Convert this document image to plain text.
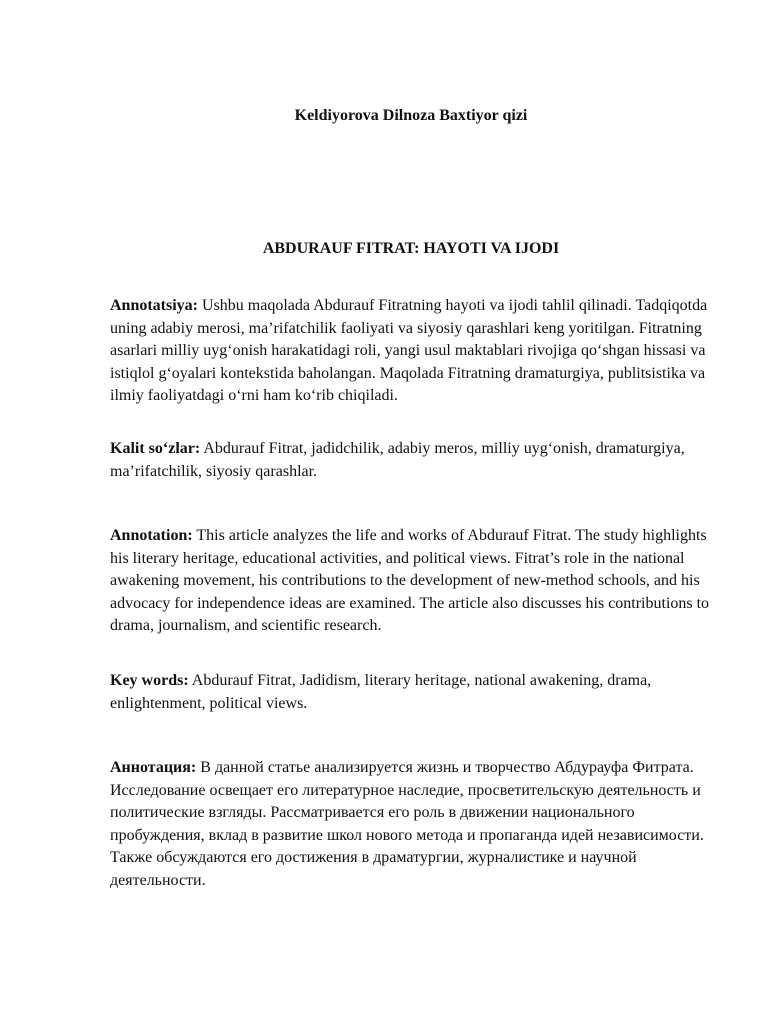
Keldiyorova Dilnoza Baxtiyor qizi
ABDURAUF FITRAT: HAYOTI VA IJODI

Annotatsiya: Ushbu maqolada Abdurauf Fitratning hayoti va ijodi tahlil qilinadi. Tadqiqotda uning adabiy merosi, ma’rifatchilik faoliyati va siyosiy qarashlari keng yoritilgan. Fitratning asarlari milliy uyg‘onish harakatidagi roli, yangi usul maktablari rivojiga qo‘shgan hissasi va istiqlol g‘oyalari kontekstida baholangan. Maqolada Fitratning dramaturgiya, publitsistika va ilmiy faoliyatdagi o‘rni ham ko‘rib chiqiladi.

Kalit so‘zlar: Abdurauf Fitrat, jadidchilik, adabiy meros, milliy uyg‘onish, dramaturgiya, ma’rifatchilik, siyosiy qarashlar.

Annotation: This article analyzes the life and works of Abdurauf Fitrat. The study highlights his literary heritage, educational activities, and political views. Fitrat’s role in the national awakening movement, his contributions to the development of new-method schools, and his advocacy for independence ideas are examined. The article also discusses his contributions to drama, journalism, and scientific research.

Key words: Abdurauf Fitrat, Jadidism, literary heritage, national awakening, drama, enlightenment, political views.

Аннотация: В данной статье анализируется жизнь и творчество Абдурауфа Фитрата. Исследование освещает его литературное наследие, просветительскую деятельность и политические взгляды. Рассматривается его роль в движении национального пробуждения, вклад в развитие школ нового метода и пропаганда идей независимости. Также обсуждаются его достижения в драматургии, журналистике и научной деятельности.
